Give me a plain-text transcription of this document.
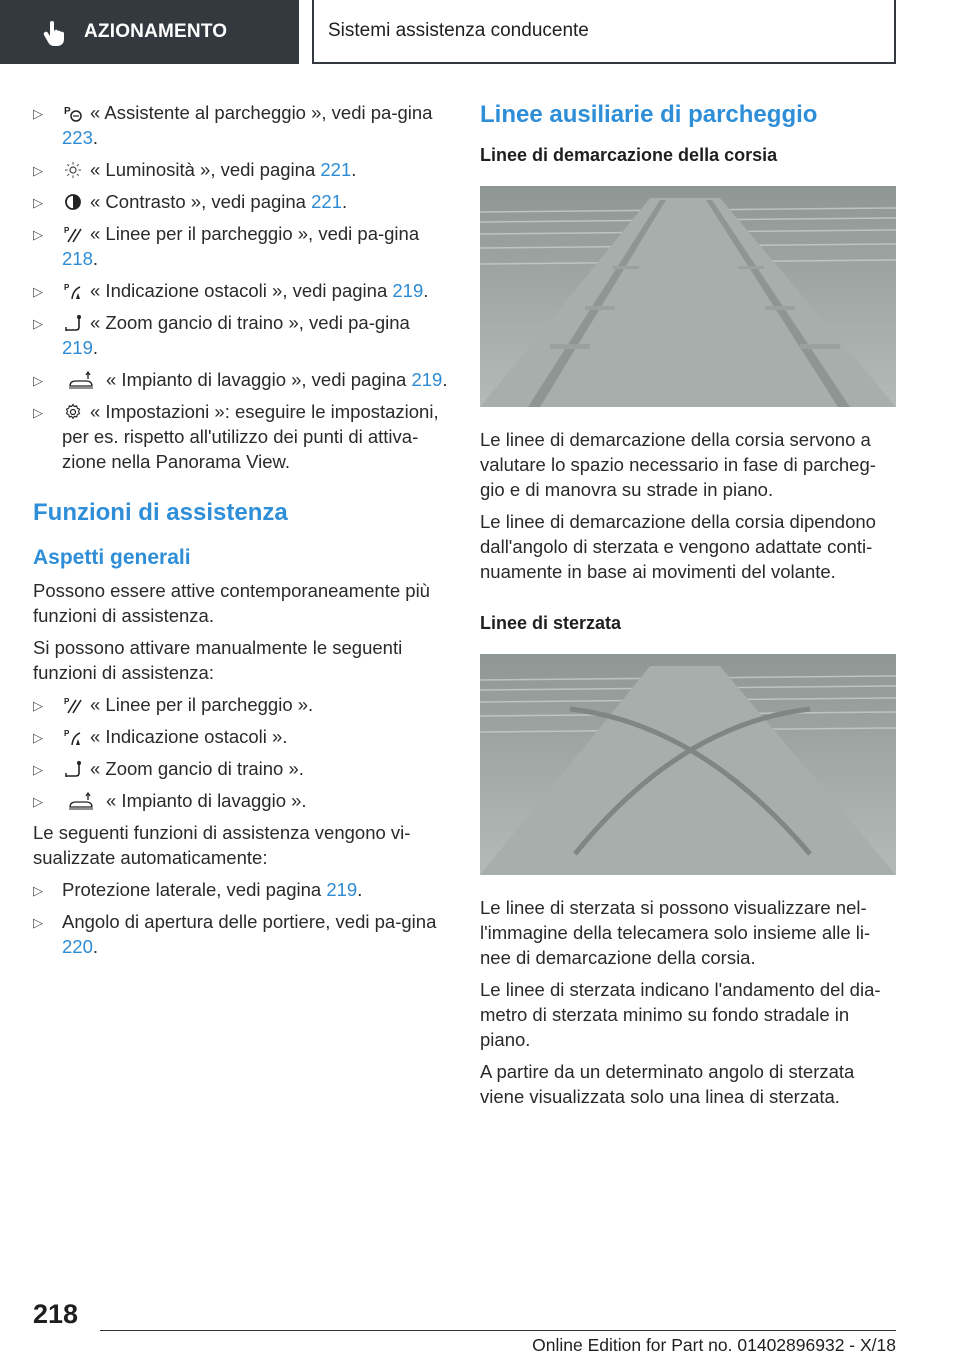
AZIONAMENTO	Sistemi assistenza conducente
▷ P « Assistente al parcheggio », vedi pa-gina 223.
▷	« Luminosità », vedi pagina 221.
▷	« Contrasto », vedi pagina 221.
▷	P « Linee per il parcheggio », vedi pa-gina 218.
▷	P « Indicazione ostacoli », vedi pagina 219.
▷	« Zoom gancio di traino », vedi pa-gina 219.
▷	« Impianto di lavaggio », vedi pagina 219.
▷	« Impostazioni »: eseguire le impostazioni, per es. rispetto all'utilizzo dei punti di attiva-zione nella Panorama View.
Funzioni di assistenza
Aspetti generali

Possono essere attive contemporaneamente più funzioni di assistenza.

Si possono attivare manualmente le seguenti funzioni di assistenza:

▷	P « Linee per il parcheggio ».
▷	P « Indicazione ostacoli ».
▷	« Zoom gancio di traino ».
▷	« Impianto di lavaggio ».

Le seguenti funzioni di assistenza vengono vi-sualizzate automaticamente:

▷ Protezione laterale, vedi pagina 219.
▷ Angolo di apertura delle portiere, vedi pa-gina 220.
Linee ausiliarie di parcheggio
Linee di demarcazione della corsia

Le linee di demarcazione della corsia servono a valutare lo spazio necessario in fase di parcheg-gio e di manovra su strade in piano.

Le linee di demarcazione della corsia dipendono dall'angolo di sterzata e vengono adattate conti-nuamente in base ai movimenti del volante.

Linee di sterzata

Le linee di sterzata si possono visualizzare nel-l'immagine della telecamera solo insieme alle li-nee di demarcazione della corsia.

Le linee di sterzata indicano l'andamento del dia-metro di sterzata minimo su fondo stradale in piano.

A partire da un determinato angolo di sterzata viene visualizzata solo una linea di sterzata.

218
Online Edition for Part no. 01402896932 - X/18
